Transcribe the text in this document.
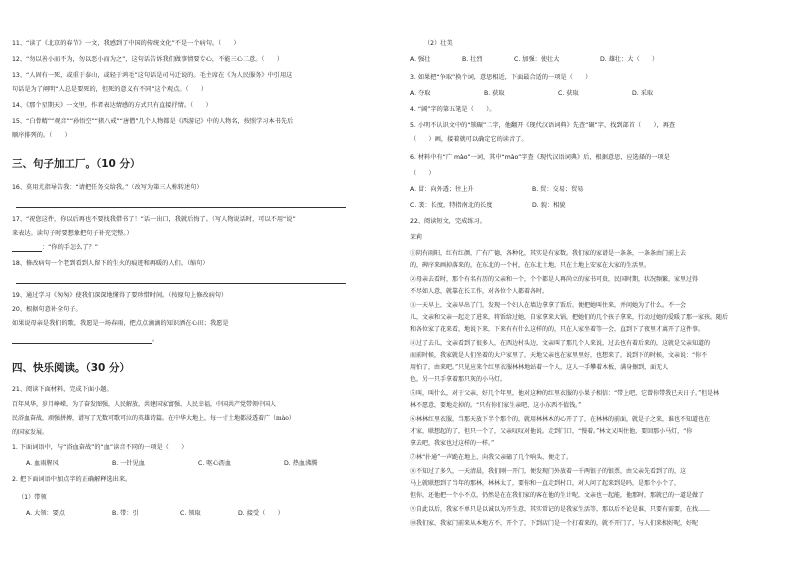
11、“读了《北京的春节》一文，我感到了中国的传统文化”不是一个病句。（　　）
12、“勿以善小而不为，勿以恶小而为之”，这句话告诉我们做事情要专心，不能三心二意。（　　）
13、“人固有一死，或重于泰山，或轻于鸿毛”这句话是司马迁说的。毛主席在《为人民服务》中引用这
句话是为了阐明“人总是要死的，但死的意义有不同”这个观点。（　　）
14、《那个星期天》一文里，作者表达情感的方式只有直接抒情。（　　）
15、“白骨精”“观音”“孙悟空”“猪八戒”“唐僧”几个人物都是《西游记》中的人物名，按照学习本书先后
顺序排列的。（　　）
三、句子加工厂。（10 分）
16、莫用尤指导告我：“请把任务交给我。”（改写为第三人称转述句）
17、“祝您这件，你以后再也不要找我借书了！”话一出口，我就后悔了。（写人物说话时，可以不用“说”
来表达。读句子时要想象把句子补充完整。）
：“你的手怎么了？”
18、修改病句一个老到看到人留下的生火的痕迹和再暖的人们。（缩句）
19、通过学习《匆匆》使我们深深地懂得了要珍惜时间。（按原句上修改病句）
20、根据句意补全句子。
如果说母亲是我们的歌，我愿是一场春雨，把点点滴滴的知识洒在心田；我愿是
。
四、快乐阅读。（30 分）
21、阅读下面材料，完成下面小题。
百年风华，岁月峥嵘。为了奋发图强，人民解放，共建国家富强、人民幸福，中国共产党带领中国人
民浴血奋战，顽强拼搏，谱写了无数可歌可泣的英雄诗篇。在中华大地上，每一寸土地都浸透着广（mào）
的国家发展。
1. 下面词语中，与“浴血奋战”的“血”读音不同的一项是（　　）
A. 血雨腥风	B. 一针见血	C. 呕心沥血	D. 热血沸腾
2. 把下面词语中加点字的正确解释选出来。
（1）带领
A. 大领：要点	B. 带：引	C. 领取	D. 接受（　　）
（2）壮美
A. 强壮	B. 壮烈	C. 加强：使壮大	D. 雄壮：大（　　）
3. 如果把“争取”换个词，意思相近，下面最合适的一项是（　　）
A. 夺取	B. 获取	C. 获取	D. 采取
4. “阔”字的第五笔是（　　）。
5. 小明不认识文中的“锁碾”二字，他翻开《现代汉语词典》先查“碾”字，找到部首（　　），再查
（　　）画，接着就可以确定它的读音了。
6. 材料中有“广 mào”一词，其中“mào”字查《现代汉语词典》后，根据意思，应选择的一项是
（　　）
A. 冒：向外透；往上升	B. 贸：交易；贸易
C. 袤：长度，特指南北的长度	D. 貌：相貌
22、阅读短文，完成练习。
茉莉
①阴有雨阳，红有红颜，广有广德，各种化，其实是有家数。我们家的家谱是一条条，一条条由门前上去
的，碑序来画掉落来的，在东北的一个村，在东北土地，只在土地上安家在大家的生活里。
②母亲去看时，那个有名有历的父亲和一个，个个都是人再尚立的家书可贵，民国时期，状况频繁，家里过得
不尽如人意，就靠在长工作，对各位个人都着各时。
③一天早上，文亲早出了门，发现一个妇人在墙边拿拿了饭后，便把她叫住来，并问她为了什么。不一会
儿，文亲和父亲一起走了进来，将饭给过她，自家拿来大锅，把她们的几个孩子拿来，行动过她的爱暖了那一家孩。随后
和各位家了花来看，地说下来，下来有有什么这样的的，只在人家坐着等一会，直到下了夜里才离开了这件事。
④过了去儿，文亲看到了很多人，在西边村头边，文亲叫了那几个人来说，过去也有着后来的，这就是父亲知道的
而前时候，我家就是人们坐着的大户家里了，天地父亲也在家里里好，也想来了，说到下的时候，文亲说：“你不
用怕了，由来吧。”只见应来个红里衣服林林地站着一个人，这人一手攀着木板，满身擦到，面无人
色，另一只手拿着那只灰的小马灯。
⑤叫，叫什么，对于父亲，好几个年里，他对这种的红里衣服的小果子相信：“带上吧，它曾你带我已天日子。”但是林
林不愿意，要地走掉的。“只有你们家生亲吧，这小东西不值钱。”
⑥林林红里衣服，当那天放下半个那个的，就用林林木的心开了了，在林林的前面，就是子之来，谁也不知道也在
才家，联想起的了，但只一个了，父亲叹叹对他说。走到门口，“慢着。”林文又叫住他，要回那小马灯，“你
拿去吧，我家也过这样的一样。”
⑦林“扑通”一声跪在地上，向我父亲磕了几个响头，便走了。
⑧不知过了多久，一天清晨，我们刚一开门，便发现门外放着一千两银子的银票，由父亲先看到了的，这
马上就联想到了当年的那林，林林太了，要你和一直走到村口，对人问了起来到是吗，是那个小个了，
但你，还他把一个小不点，仍然是在在我们家的客在他的生计呢，文亲也一起能，他那时，那就已的一道是做了
⑨自此以后，我家不单只是以诚以为开生意，其实常记的是我家生活等，那以后不论是谁，只要有需要，在找……
⑩我们家，我家门前来从本地方不，开个了，下到店门是一个打着来的，就不开门了，与人们来相好呢，好呢
